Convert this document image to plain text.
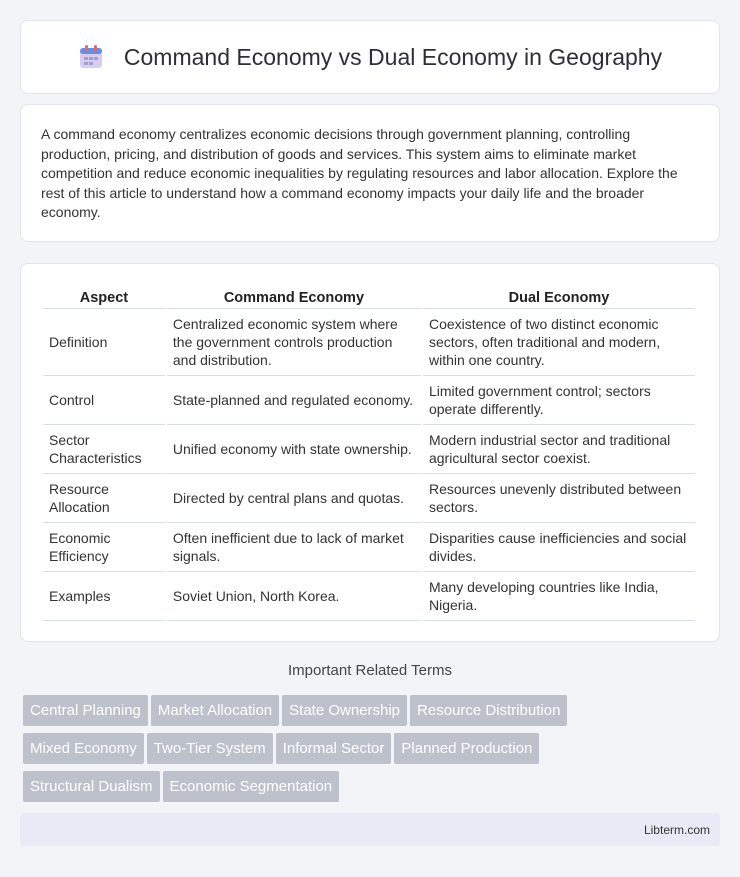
Command Economy vs Dual Economy in Geography

A command economy centralizes economic decisions through government planning, controlling production, pricing, and distribution of goods and services. This system aims to eliminate market competition and reduce economic inequalities by regulating resources and labor allocation. Explore the rest of this article to understand how a command economy impacts your daily life and the broader economy.

Aspect	Command Economy	Dual Economy
Definition	Centralized economic system where the government controls production and distribution.	Coexistence of two distinct economic sectors, often traditional and modern, within one country.
Control	State-planned and regulated economy.	Limited government control; sectors operate differently.
Sector Characteristics	Unified economy with state ownership.	Modern industrial sector and traditional agricultural sector coexist.
Resource Allocation	Directed by central plans and quotas.	Resources unevenly distributed between sectors.
Economic Efficiency	Often inefficient due to lack of market signals.	Disparities cause inefficiencies and social divides.
Examples	Soviet Union, North Korea.	Many developing countries like India, Nigeria.
Important Related Terms
Central Planning Market Allocation State Ownership Resource Distribution
Mixed Economy Two-Tier System Informal Sector Planned Production
Structural Dualism Economic Segmentation
Libterm.com
